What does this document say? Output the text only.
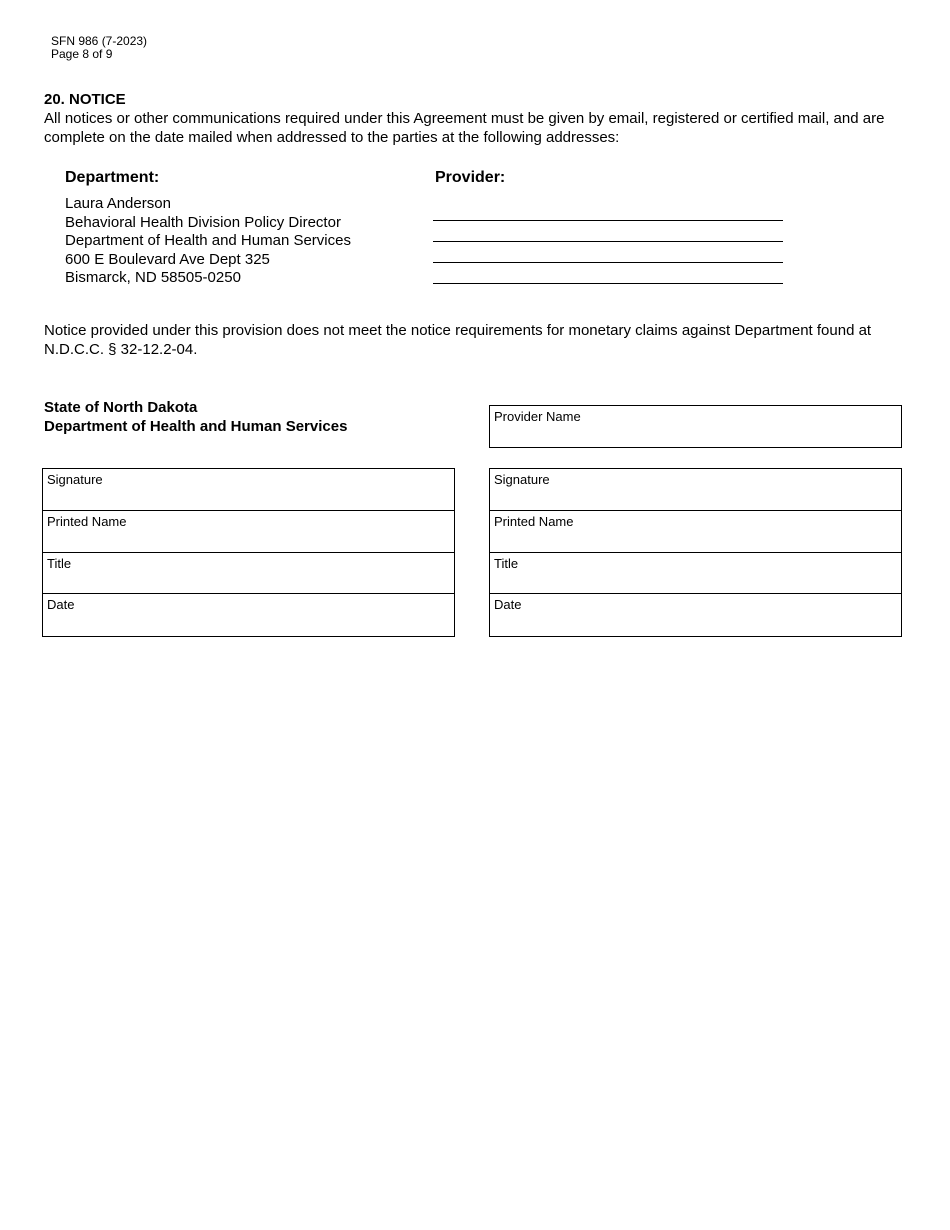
SFN 986 (7-2023)
Page 8 of 9
20. NOTICE

All notices or other communications required under this Agreement must be given by email, registered or certified mail, and are complete on the date mailed when addressed to the parties at the following addresses:

Department:	Provider:
Laura Anderson
Behavioral Health Division Policy Director
Department of Health and Human Services
600 E Boulevard Ave Dept 325
Bismarck, ND 58505-0250

Notice provided under this provision does not meet the notice requirements for monetary claims against Department found at N.D.C.C. § 32-12.2-04.

State of North Dakota
Department of Health and Human Services
Provider Name
Signature
Printed Name
Title
Date
Signature
Printed Name
Title
Date
